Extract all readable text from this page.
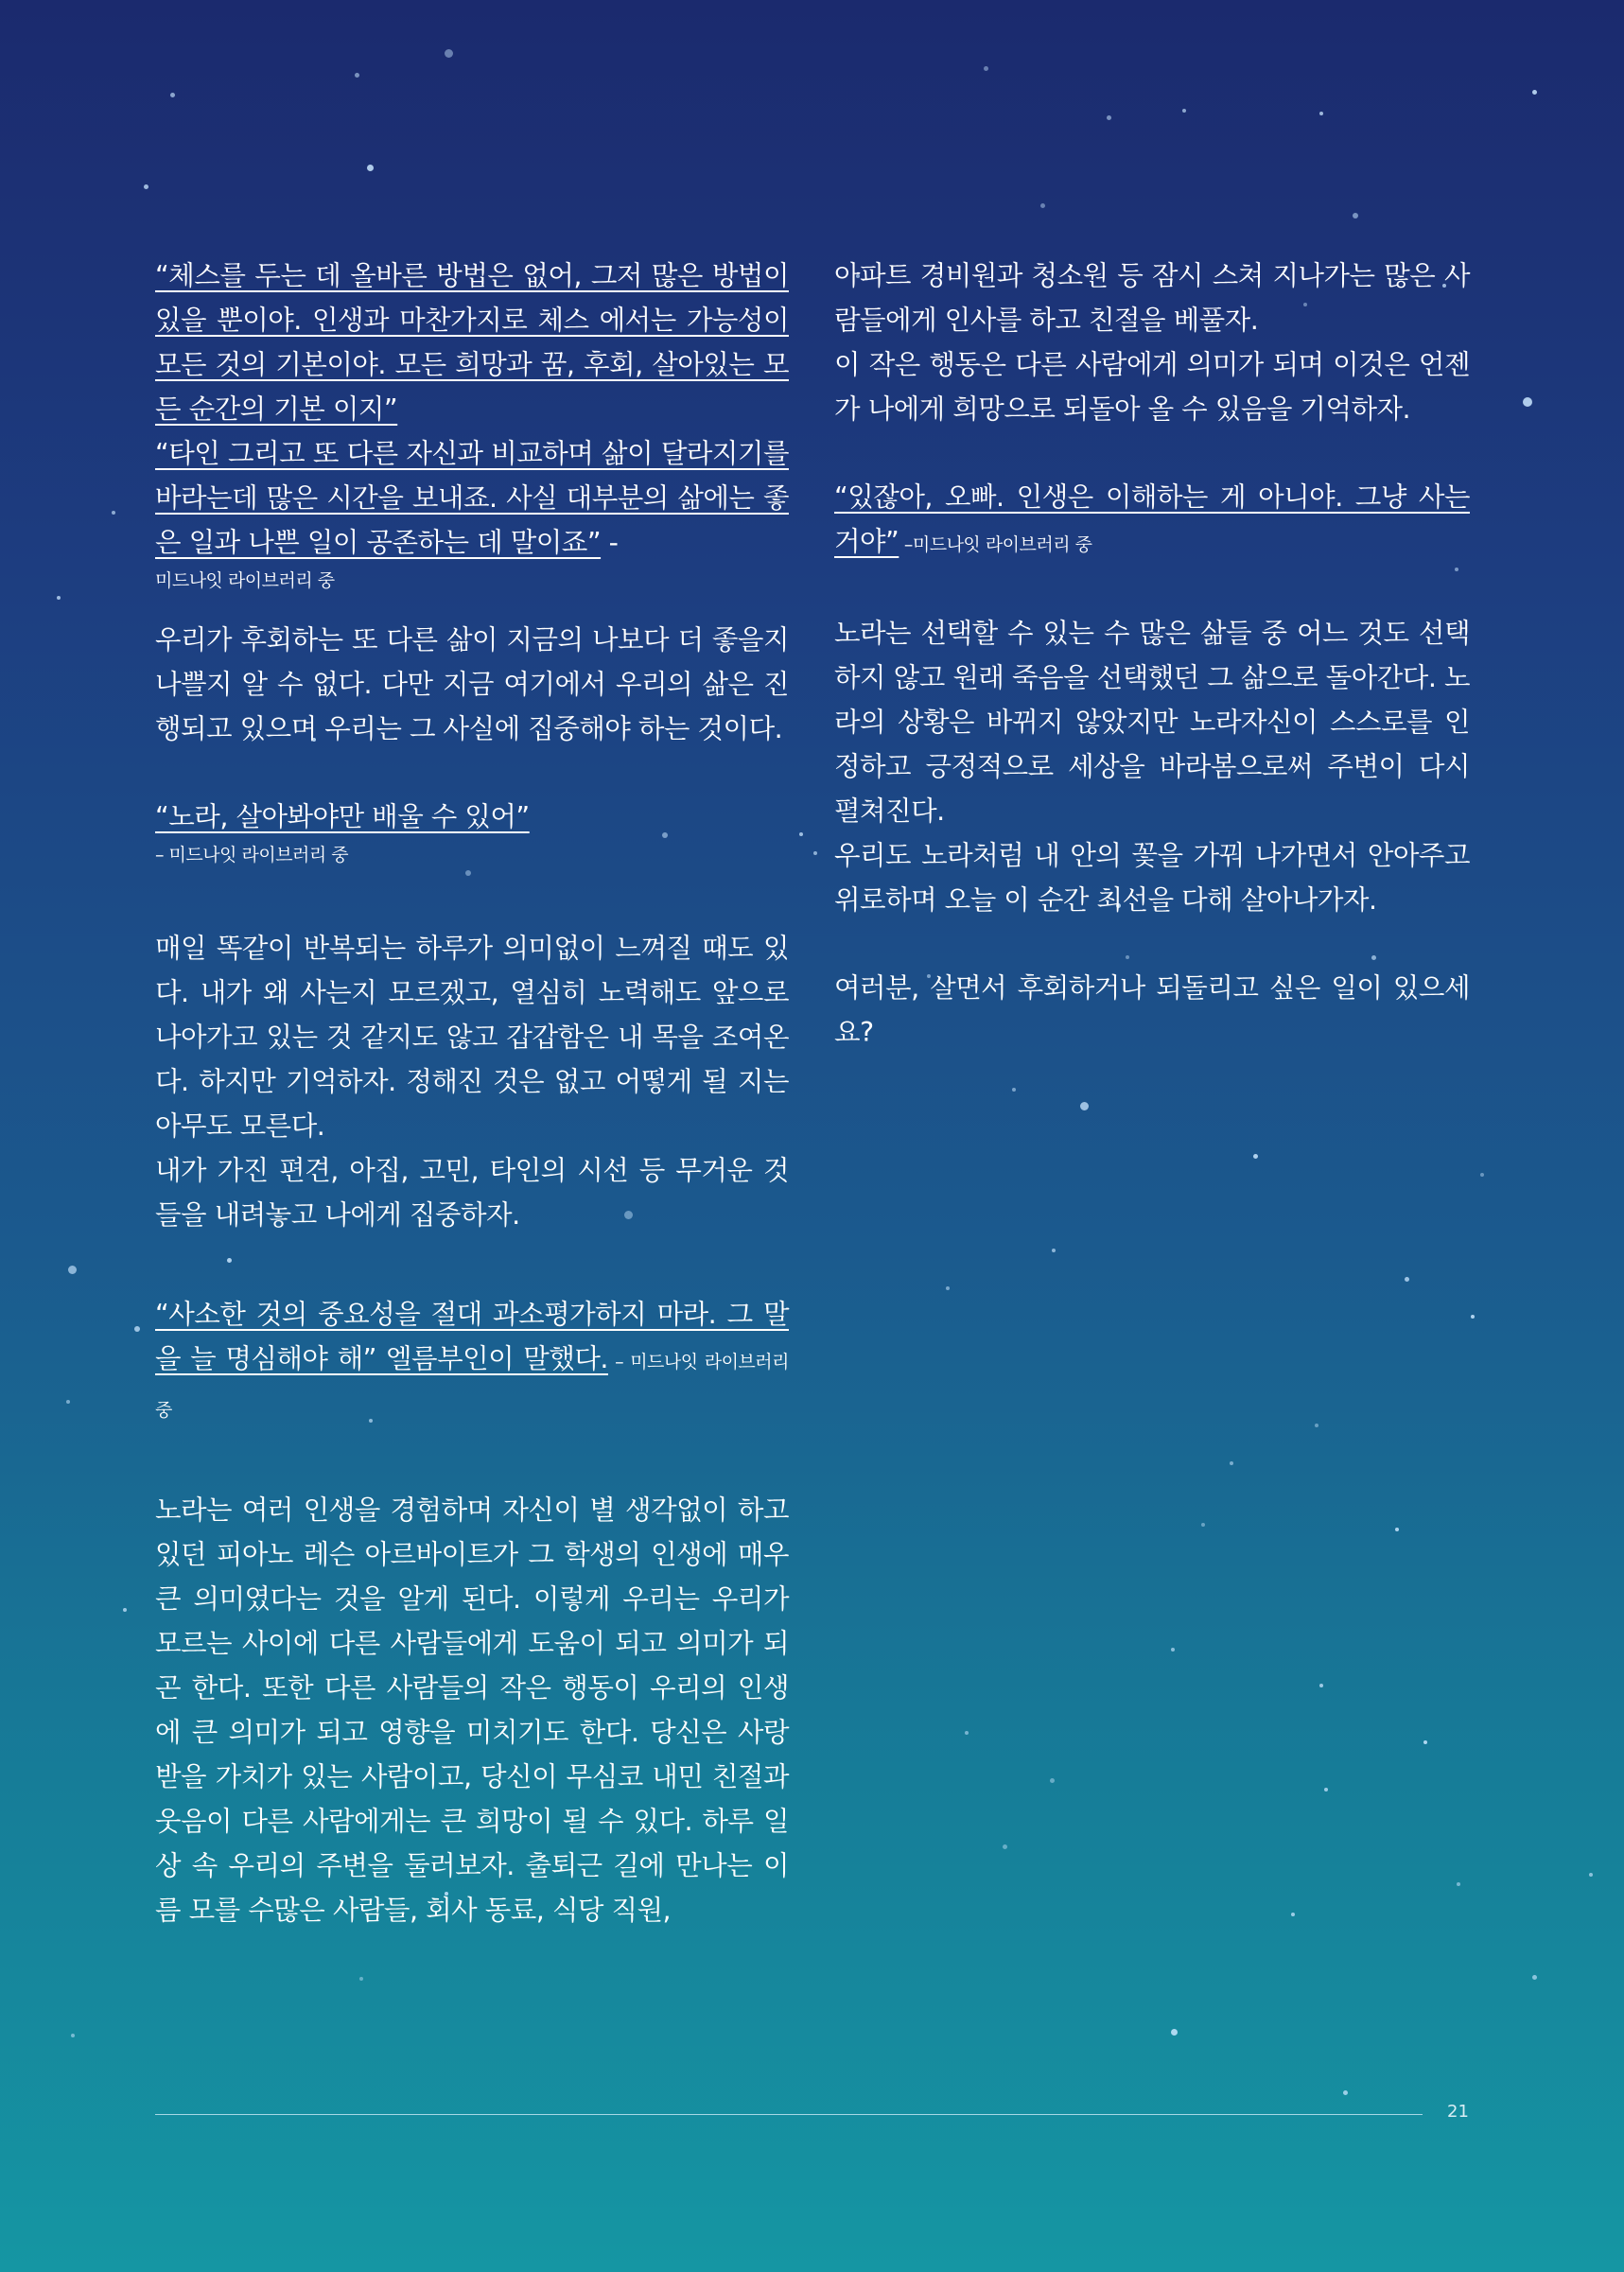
“체스를 두는 데 올바른 방법은 없어, 그저 많은 방법이 있을 뿐이야. 인생과 마찬가지로 체스 에서는 가능성이 모든 것의 기본이야. 모든 희망과 꿈, 후회, 살아있는 모든 순간의 기본 이지”
“타인 그리고 또 다른 자신과 비교하며 삶이 달라지기를 바라는데 많은 시간을 보내죠. 사실 대부분의 삶에는 좋은 일과 나쁜 일이 공존하는 데 말이죠” -

미드나잇 라이브러리 중

우리가 후회하는 또 다른 삶이 지금의 나보다 더 좋을지 나쁠지 알 수 없다. 다만 지금 여기에서 우리의 삶은 진행되고 있으며 우리는 그 사실에 집중해야 하는 것이다.

“노라, 살아봐야만 배울 수 있어”

– 미드나잇 라이브러리 중

매일 똑같이 반복되는 하루가 의미없이 느껴질 때도 있다. 내가 왜 사는지 모르겠고, 열심히 노력해도 앞으로 나아가고 있는 것 같지도 않고 갑갑함은 내 목을 조여온다. 하지만 기억하자. 정해진 것은 없고 어떻게 될 지는 아무도 모른다.

내가 가진 편견, 아집, 고민, 타인의 시선 등 무거운 것들을 내려놓고 나에게 집중하자.

“사소한 것의 중요성을 절대 과소평가하지 마라. 그 말을 늘 명심해야 해” 엘름부인이 말했다. – 미드나잇 라이브러리 중

노라는 여러 인생을 경험하며 자신이 별 생각없이 하고 있던 피아노 레슨 아르바이트가 그 학생의 인생에 매우 큰 의미였다는 것을 알게 된다. 이렇게 우리는 우리가 모르는 사이에 다른 사람들에게 도움이 되고 의미가 되곤 한다. 또한 다른 사람들의 작은 행동이 우리의 인생에 큰 의미가 되고 영향을 미치기도 한다. 당신은 사랑받을 가치가 있는 사람이고, 당신이 무심코 내민 친절과 웃음이 다른 사람에게는 큰 희망이 될 수 있다. 하루 일상 속 우리의 주변을 둘러보자. 출퇴근 길에 만나는 이름 모를 수많은 사람들, 회사 동료, 식당 직원,

아파트 경비원과 청소원 등 잠시 스쳐 지나가는 많은 사람들에게 인사를 하고 친절을 베풀자.

이 작은 행동은 다른 사람에게 의미가 되며 이것은 언젠가 나에게 희망으로 되돌아 올 수 있음을 기억하자.

“있잖아, 오빠. 인생은 이해하는 게 아니야. 그냥 사는 거야” –미드나잇 라이브러리 중

노라는 선택할 수 있는 수 많은 삶들 중 어느 것도 선택하지 않고 원래 죽음을 선택했던 그 삶으로 돌아간다. 노라의 상황은 바뀌지 않았지만 노라자신이 스스로를 인정하고 긍정적으로 세상을 바라봄으로써 주변이 다시 펼쳐진다.

우리도 노라처럼 내 안의 꽃을 가꿔 나가면서 안아주고 위로하며 오늘 이 순간 최선을 다해 살아나가자.

여러분, 살면서 후회하거나 되돌리고 싶은 일이 있으세요?

21
